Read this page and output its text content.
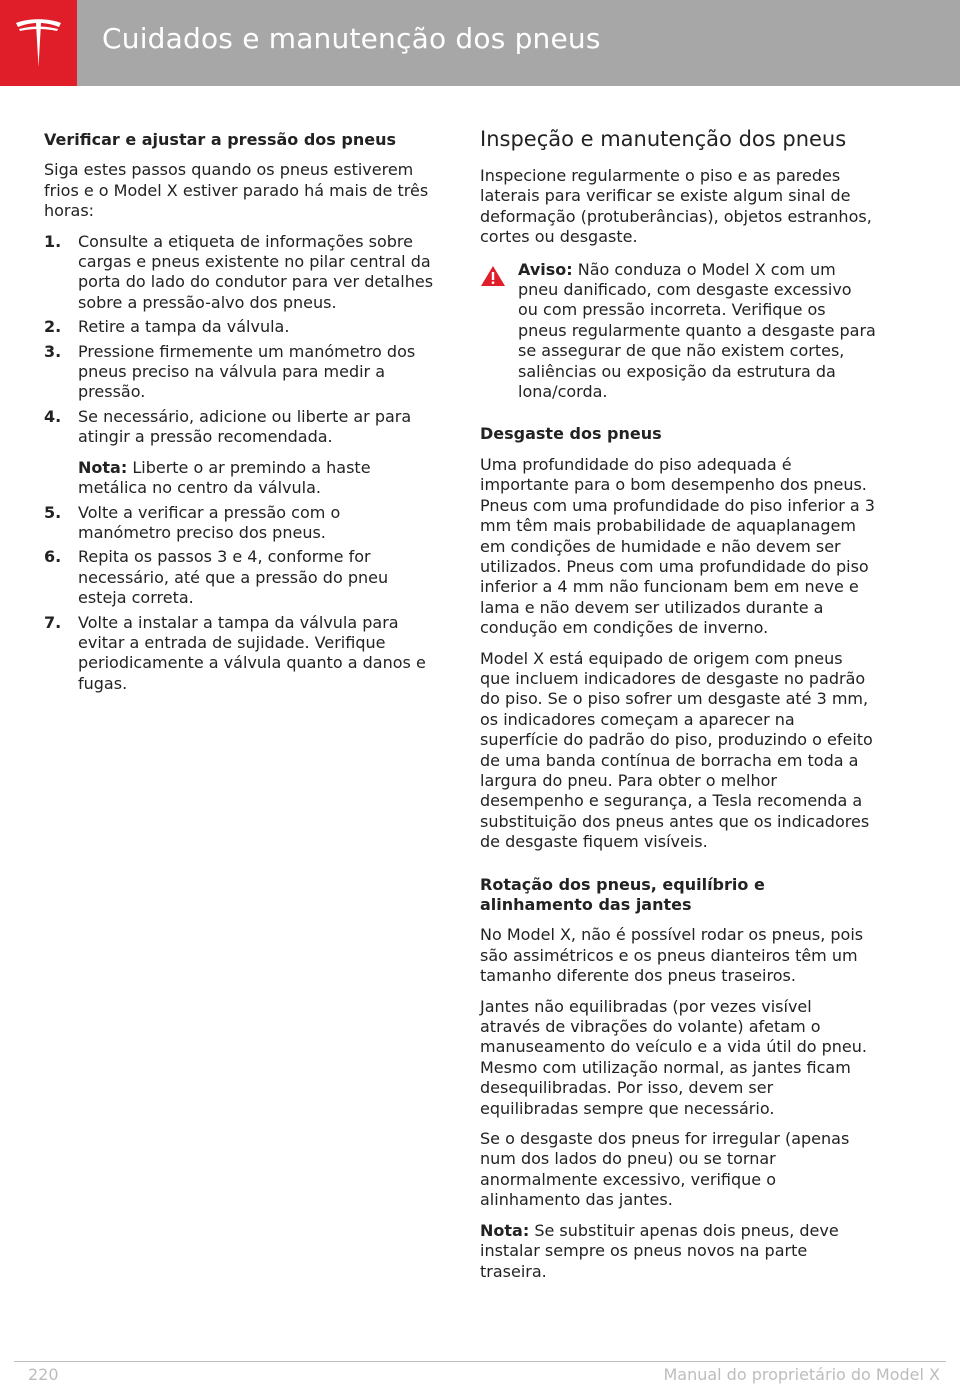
Cuidados e manutenção dos pneus
Verificar e ajustar a pressão dos pneus

Siga estes passos quando os pneus estiverem frios e o Model X estiver parado há mais de três horas:

1. Consulte a etiqueta de informações sobre cargas e pneus existente no pilar central da porta do lado do condutor para ver detalhes sobre a pressão-alvo dos pneus.
2. Retire a tampa da válvula.
3. Pressione firmemente um manómetro dos pneus preciso na válvula para medir a pressão.
4. Se necessário, adicione ou liberte ar para atingir a pressão recomendada.
Nota: Liberte o ar premindo a haste metálica no centro da válvula.
5. Volte a verificar a pressão com o manómetro preciso dos pneus.
6. Repita os passos 3 e 4, conforme for necessário, até que a pressão do pneu esteja correta.
7. Volte a instalar a tampa da válvula para evitar a entrada de sujidade. Verifique periodicamente a válvula quanto a danos e fugas.
Inspeção e manutenção dos pneus

Inspecione regularmente o piso e as paredes laterais para verificar se existe algum sinal de deformação (protuberâncias), objetos estranhos, cortes ou desgaste.

Aviso: Não conduza o Model X com um pneu danificado, com desgaste excessivo ou com pressão incorreta. Verifique os pneus regularmente quanto a desgaste para se assegurar de que não existem cortes, saliências ou exposição da estrutura da lona/corda.

Desgaste dos pneus

Uma profundidade do piso adequada é importante para o bom desempenho dos pneus. Pneus com uma profundidade do piso inferior a 3 mm têm mais probabilidade de aquaplanagem em condições de humidade e não devem ser utilizados. Pneus com uma profundidade do piso inferior a 4 mm não funcionam bem em neve e lama e não devem ser utilizados durante a condução em condições de inverno.

Model X está equipado de origem com pneus que incluem indicadores de desgaste no padrão do piso. Se o piso sofrer um desgaste até 3 mm, os indicadores começam a aparecer na superfície do padrão do piso, produzindo o efeito de uma banda contínua de borracha em toda a largura do pneu. Para obter o melhor desempenho e segurança, a Tesla recomenda a substituição dos pneus antes que os indicadores de desgaste fiquem visíveis.

Rotação dos pneus, equilíbrio e alinhamento das jantes

No Model X, não é possível rodar os pneus, pois são assimétricos e os pneus dianteiros têm um tamanho diferente dos pneus traseiros.

Jantes não equilibradas (por vezes visível através de vibrações do volante) afetam o manuseamento do veículo e a vida útil do pneu. Mesmo com utilização normal, as jantes ficam desequilibradas. Por isso, devem ser equilibradas sempre que necessário.

Se o desgaste dos pneus for irregular (apenas num dos lados do pneu) ou se tornar anormalmente excessivo, verifique o alinhamento das jantes.

Nota: Se substituir apenas dois pneus, deve instalar sempre os pneus novos na parte traseira.

220	Manual do proprietário do Model X
